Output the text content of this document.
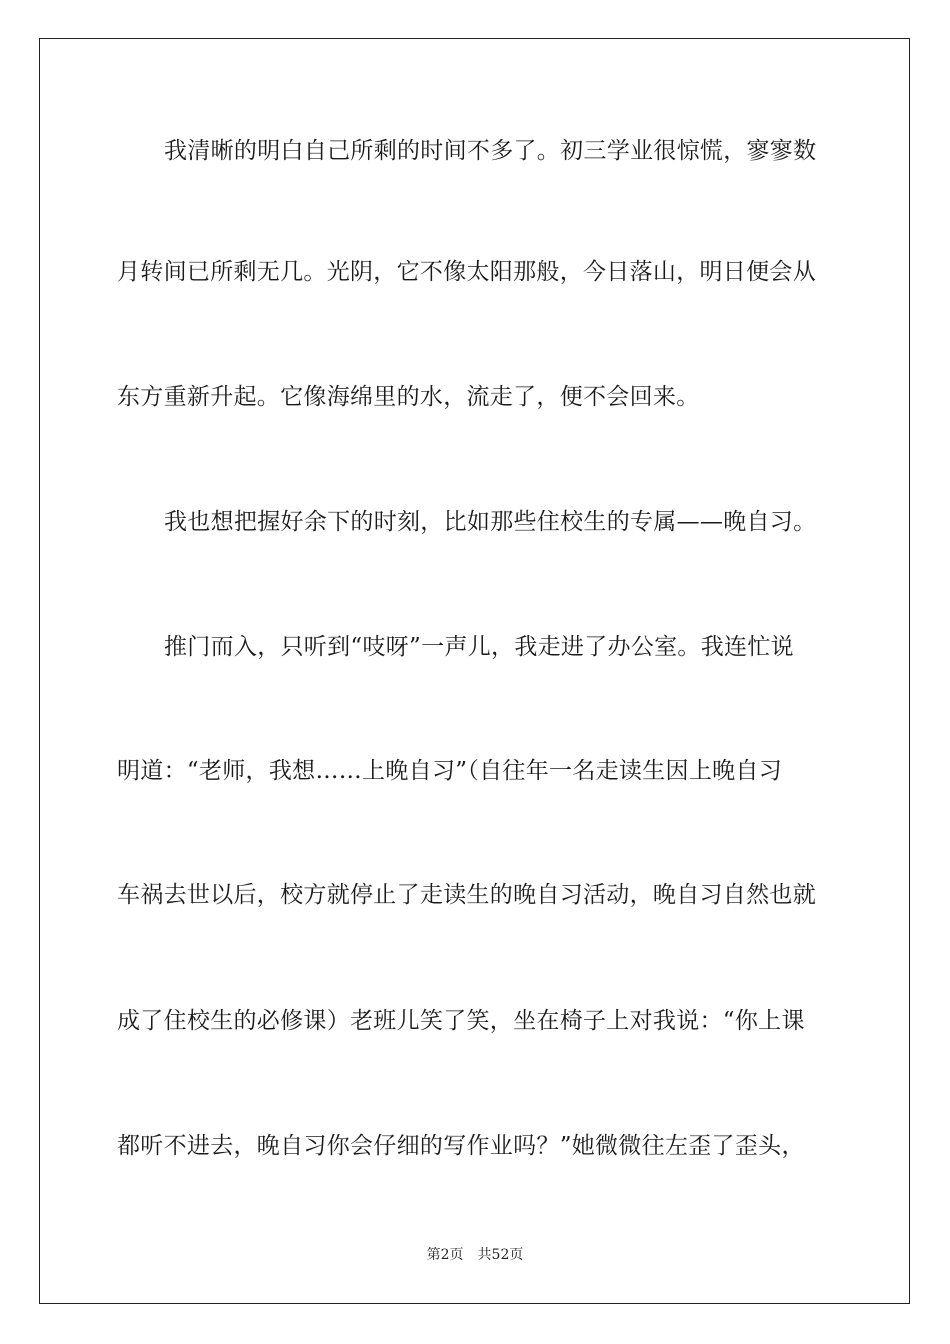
我清晰的明白自己所剩的时间不多了。初三学业很惊慌，寥寥数
月转间已所剩无几。光阴，它不像太阳那般，今日落山，明日便会从
东方重新升起。它像海绵里的水，流走了，便不会回来。
我也想把握好余下的时刻，比如那些住校生的专属——晚自习。
推门而入，只听到“吱呀”一声儿，我走进了办公室。我连忙说
明道：“老师，我想……上晚自习”（自往年一名走读生因上晚自习
车祸去世以后，校方就停止了走读生的晚自习活动，晚自习自然也就
成了住校生的必修课）老班儿笑了笑，坐在椅子上对我说：“你上课
都听不进去，晚自习你会仔细的写作业吗？”她微微往左歪了歪头，
第2页 共52页
